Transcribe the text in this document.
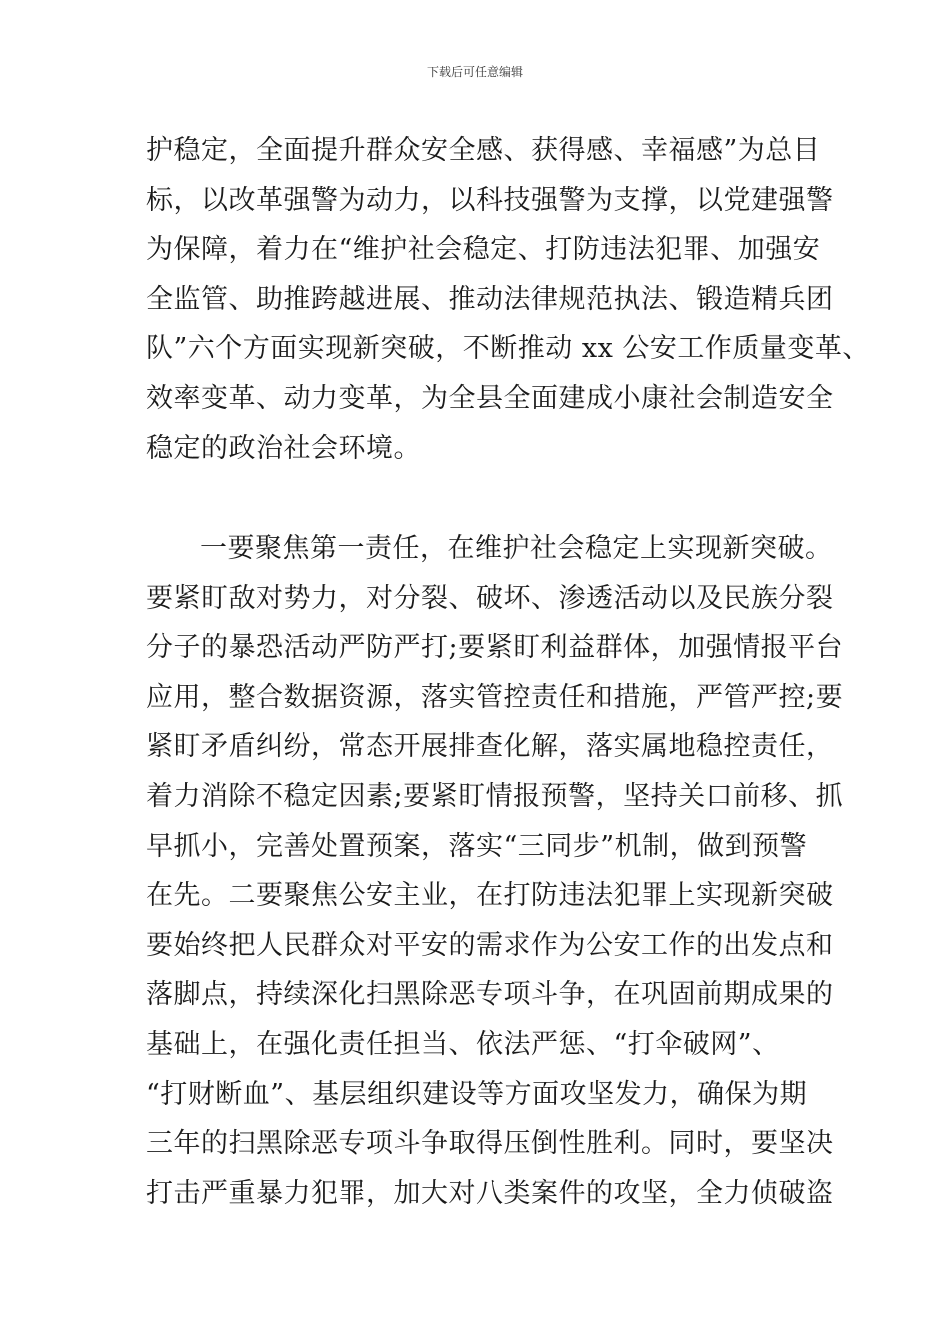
下载后可任意编辑
护稳定，全面提升群众安全感、获得感、幸福感”为总目
标，以改革强警为动力，以科技强警为支撑，以党建强警
为保障，着力在“维护社会稳定、打防违法犯罪、加强安
全监管、助推跨越进展、推动法律规范执法、锻造精兵团
队”六个方面实现新突破，不断推动 xx 公安工作质量变革、
效率变革、动力变革，为全县全面建成小康社会制造安全
稳定的政治社会环境。
一要聚焦第一责任，在维护社会稳定上实现新突破。
要紧盯敌对势力，对分裂、破坏、渗透活动以及民族分裂
分子的暴恐活动严防严打;要紧盯利益群体，加强情报平台
应用，整合数据资源，落实管控责任和措施，严管严控;要
紧盯矛盾纠纷，常态开展排查化解，落实属地稳控责任，
着力消除不稳定因素;要紧盯情报预警，坚持关口前移、抓
早抓小，完善处置预案，落实“三同步”机制，做到预警
在先。二要聚焦公安主业，在打防违法犯罪上实现新突破
要始终把人民群众对平安的需求作为公安工作的出发点和
落脚点，持续深化扫黑除恶专项斗争，在巩固前期成果的
基础上，在强化责任担当、依法严惩、“打伞破网”、
“打财断血”、基层组织建设等方面攻坚发力，确保为期
三年的扫黑除恶专项斗争取得压倒性胜利。同时，要坚决
打击严重暴力犯罪，加大对八类案件的攻坚，全力侦破盗
